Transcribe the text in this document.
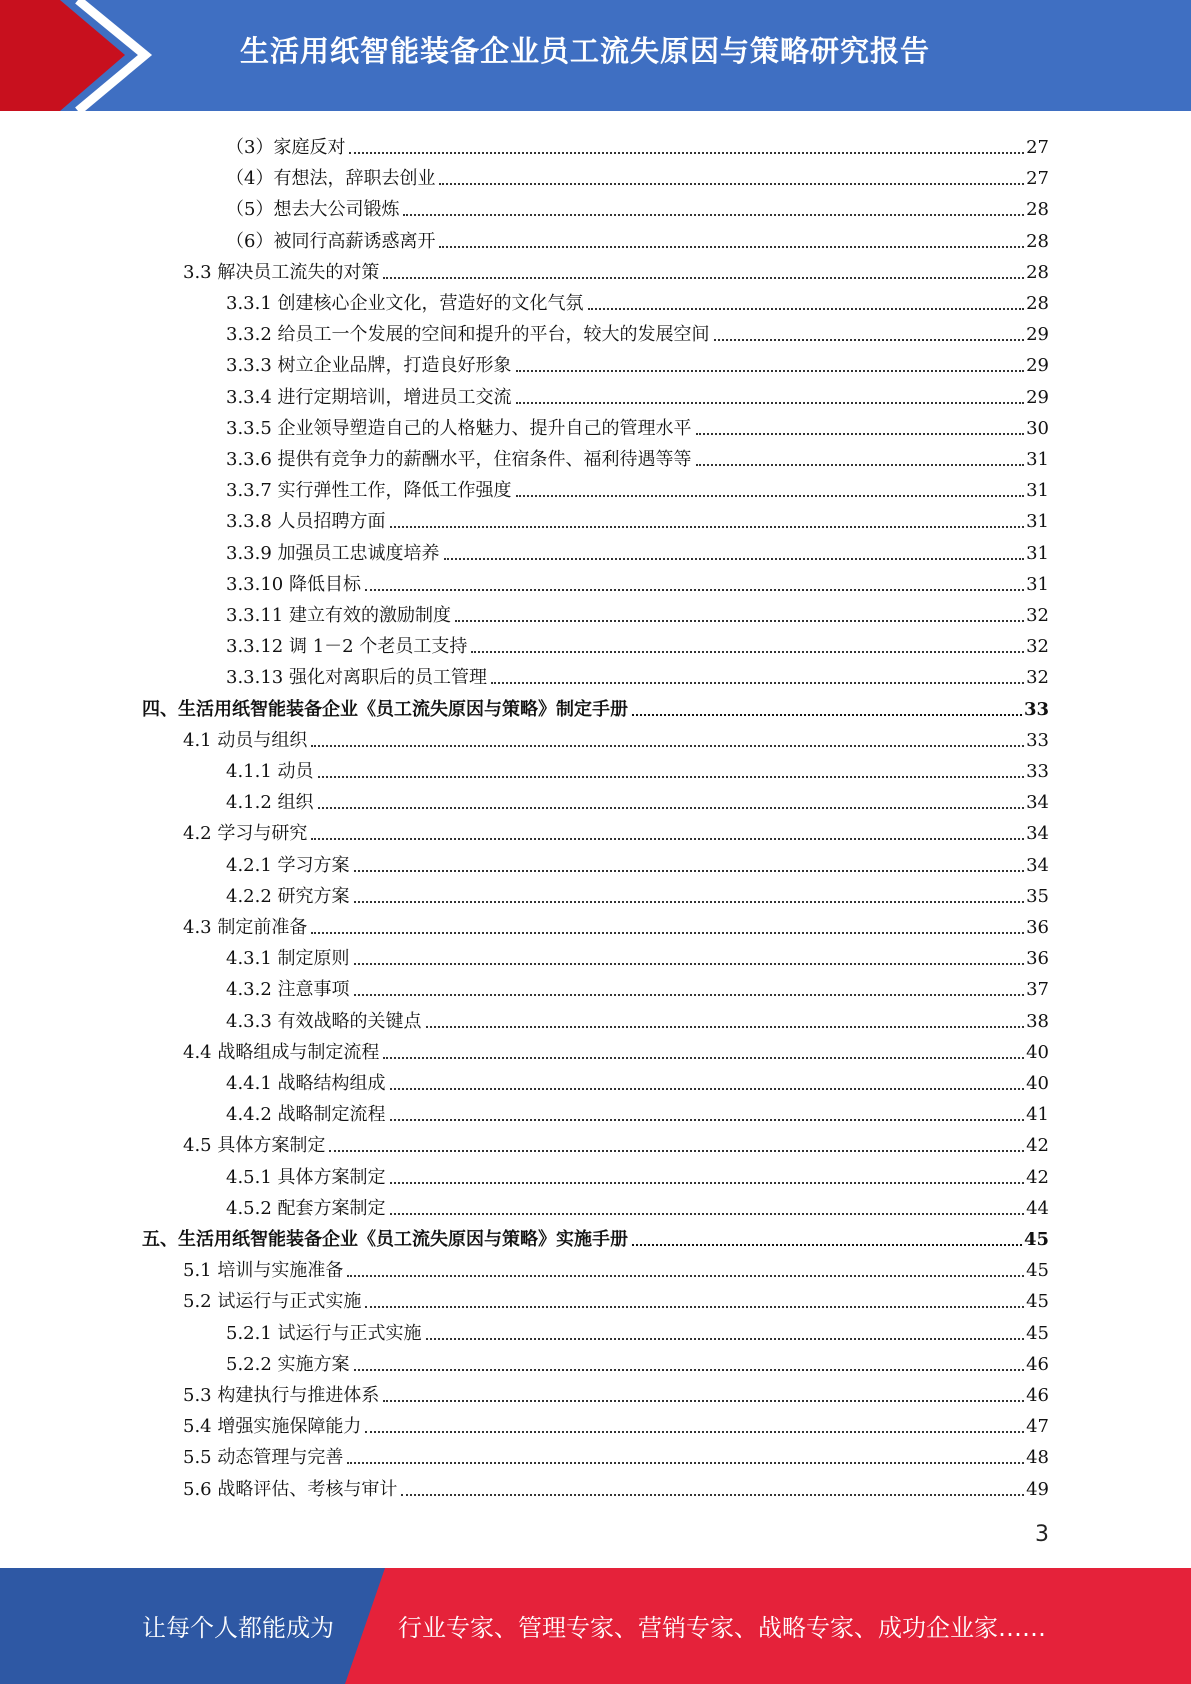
生活用纸智能装备企业员工流失原因与策略研究报告
（3）家庭反对	27
（4）有想法，辞职去创业	27
（5）想去大公司锻炼	28
（6）被同行高薪诱惑离开	28
3.3 解决员工流失的对策	28
3.3.1 创建核心企业文化，营造好的文化气氛	28
3.3.2 给员工一个发展的空间和提升的平台，较大的发展空间	29
3.3.3 树立企业品牌，打造良好形象	29
3.3.4 进行定期培训，增进员工交流	29
3.3.5 企业领导塑造自己的人格魅力、提升自己的管理水平	30
3.3.6 提供有竞争力的薪酬水平，住宿条件、福利待遇等等	31
3.3.7 实行弹性工作，降低工作强度	31
3.3.8 人员招聘方面	31
3.3.9 加强员工忠诚度培养	31
3.3.10 降低目标	31
3.3.11 建立有效的激励制度	32
3.3.12 调 1－2 个老员工支持	32
3.3.13 强化对离职后的员工管理	32
四、生活用纸智能装备企业《员工流失原因与策略》制定手册	33
4.1 动员与组织	33
4.1.1 动员	33
4.1.2 组织	34
4.2 学习与研究	34
4.2.1 学习方案	34
4.2.2 研究方案	35
4.3 制定前准备	36
4.3.1 制定原则	36
4.3.2 注意事项	37
4.3.3 有效战略的关键点	38
4.4 战略组成与制定流程	40
4.4.1 战略结构组成	40
4.4.2 战略制定流程	41
4.5 具体方案制定	42
4.5.1 具体方案制定	42
4.5.2 配套方案制定	44
五、生活用纸智能装备企业《员工流失原因与策略》实施手册	45
5.1 培训与实施准备	45
5.2 试运行与正式实施	45
5.2.1 试运行与正式实施	45
5.2.2 实施方案	46
5.3 构建执行与推进体系	46
5.4 增强实施保障能力	47
5.5 动态管理与完善	48
5.6 战略评估、考核与审计	49
3
让每个人都能成为	行业专家、管理专家、营销专家、战略专家、成功企业家……
